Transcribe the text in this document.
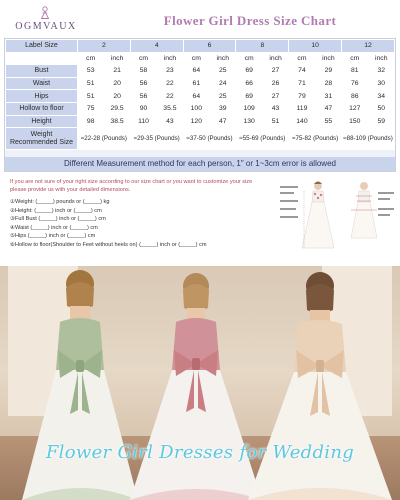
OGMVAUX	Flower Girl Dress Size Chart
Label Size	2		4		6		8		10		12	
	cm	inch	cm	inch	cm	inch	cm	inch	cm	inch	cm	inch
Bust	53	21	58	23	64	25	69	27	74	29	81	32
Waist	51	20	56	22	61	24	66	26	71	28	76	30
Hips	51	20	56	22	64	25	69	27	79	31	86	34
Hollow to floor	75	29.5	90	35.5	100	39	109	43	119	47	127	50
Height	98	38.5	110	43	120	47	130	51	140	55	150	59
Weight Recommended Size	≈22-28 (Pounds)		≈29-35 (Pounds)		≈37-50 (Pounds)		≈55-69 (Pounds)		≈75-82 (Pounds)		≈88-109 (Pounds)	
Different Measurement method for each person, 1" or 1~3cm error is allowed
If you are not sure of your right size according to our size chart or you want to customize your size
please provide us with your detailed dimensions.
①Weight: (_____) pounds or (_____) kg
②Height: (_____) inch or (_____) cm
③Full Bust (_____) inch or (_____) cm
④Waist (_____) inch or (_____) cm
⑤Hips (_____) inch or (_____) cm
⑥Hollow to floor(Shoulder to Feet without heels on) (_____) inch or (_____) cm
Flower Girl Dresses for Wedding
